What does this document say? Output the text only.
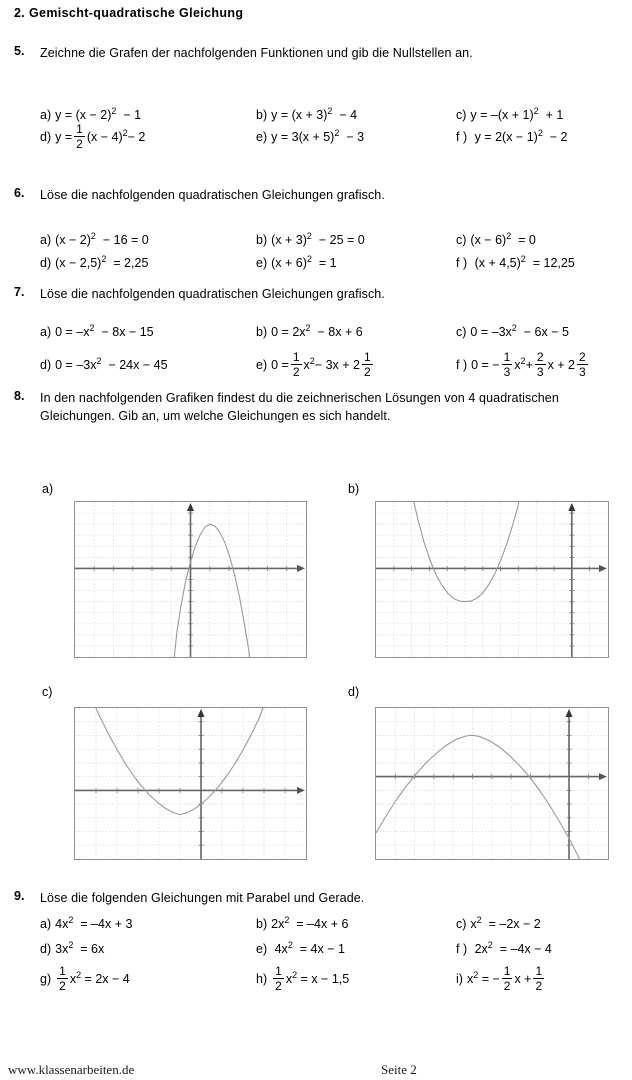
2. Gemischt-quadratische Gleichung
5.	Zeichne die Grafen der nachfolgenden Funktionen und gib die Nullstellen an.
a) $y = (x - 2)^2 - 1$	b) $y = (x + 3)^2 - 4$	c) $y = -(x + 1)^2 + 1$
d) $y = \frac{1}{2} (x - 4)^2- 2$	e) $y = 3(x + 5)^2 - 3$	f ) $y = 2(x - 1)^2 - 2$
6.	Löse die nachfolgenden quadratischen Gleichungen grafisch.
a) $(x - 2)^2 - 16 = 0$	b) $(x + 3)^2 - 25 = 0$	c) $(x - 6)^2 = 0$
d) $(x - 2,5)^2 = 2,25$	e) $(x + 6)^2 = 1$	f ) $(x + 4,5)^2 = 12,25$
7.	Löse die nachfolgenden quadratischen Gleichungen grafisch.
a) $0 = -x^2 - 8x - 15$	b) $0 = 2x^2 - 8x + 6$	c) $0 = -3x^2 - 6x - 5$
d) $0 = -3x^2 - 24x - 45$	e) $0 = \frac{1}{2} x^2- 3x + 2 \frac{1}{2}$	f ) 0 = − $\frac{1}{3} x^2+ \frac{2}{3}$ $x + 2 \frac{2}{3}$
8.	In den nachfolgenden Grafiken findest du die zeichnerischen Lösungen von 4 quadratischen Gleichungen. Gib an, um welche Gleichungen es sich handelt.
a)	b)
c)	d)
9.	Löse die folgenden Gleichungen mit Parabel und Gerade.
a) $4x^2 = -4x + 3$	b) $2x^2 = -4x + 6$	c) $x^2 = -2x - 2$
d) $3x^2 = 6x$	e) $4x^2 = 4x - 1$	f ) $2x^2 = -4x - 4$
$g) \frac{1}{2} x^2 = 2x - 4$	$h) \frac{1}{2} x^2 = x - 1,5$	i) $x^2$ = − $\frac{1}{2}$ $x + \frac{1}{2}$
www.klassenarbeiten.de	Seite 2
